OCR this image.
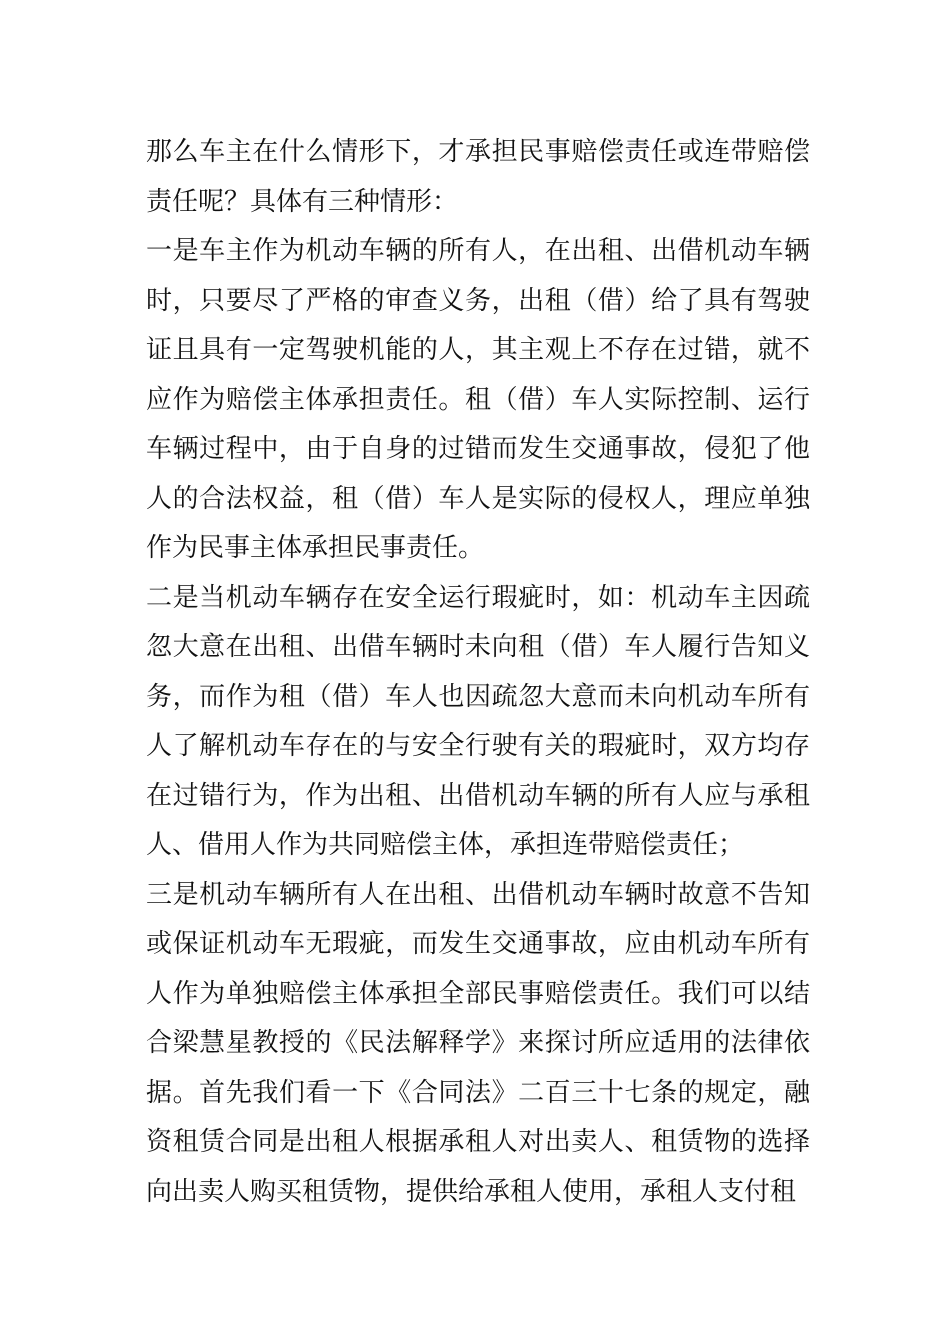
那么车主在什么情形下，才承担民事赔偿责任或连带赔偿责任呢？具体有三种情形：

一是车主作为机动车辆的所有人，在出租、出借机动车辆时，只要尽了严格的审查义务，出租（借）给了具有驾驶证且具有一定驾驶机能的人，其主观上不存在过错，就不应作为赔偿主体承担责任。租（借）车人实际控制、运行车辆过程中，由于自身的过错而发生交通事故，侵犯了他人的合法权益，租（借）车人是实际的侵权人，理应单独作为民事主体承担民事责任。

二是当机动车辆存在安全运行瑕疵时，如：机动车主因疏忽大意在出租、出借车辆时未向租（借）车人履行告知义务，而作为租（借）车人也因疏忽大意而未向机动车所有人了解机动车存在的与安全行驶有关的瑕疵时，双方均存在过错行为，作为出租、出借机动车辆的所有人应与承租人、借用人作为共同赔偿主体，承担连带赔偿责任；

三是机动车辆所有人在出租、出借机动车辆时故意不告知或保证机动车无瑕疵，而发生交通事故，应由机动车所有人作为单独赔偿主体承担全部民事赔偿责任。我们可以结合梁慧星教授的《民法解释学》来探讨所应适用的法律依据。首先我们看一下《合同法》二百三十七条的规定，融资租赁合同是出租人根据承租人对出卖人、租赁物的选择向出卖人购买租赁物，提供给承租人使用，承租人支付租
